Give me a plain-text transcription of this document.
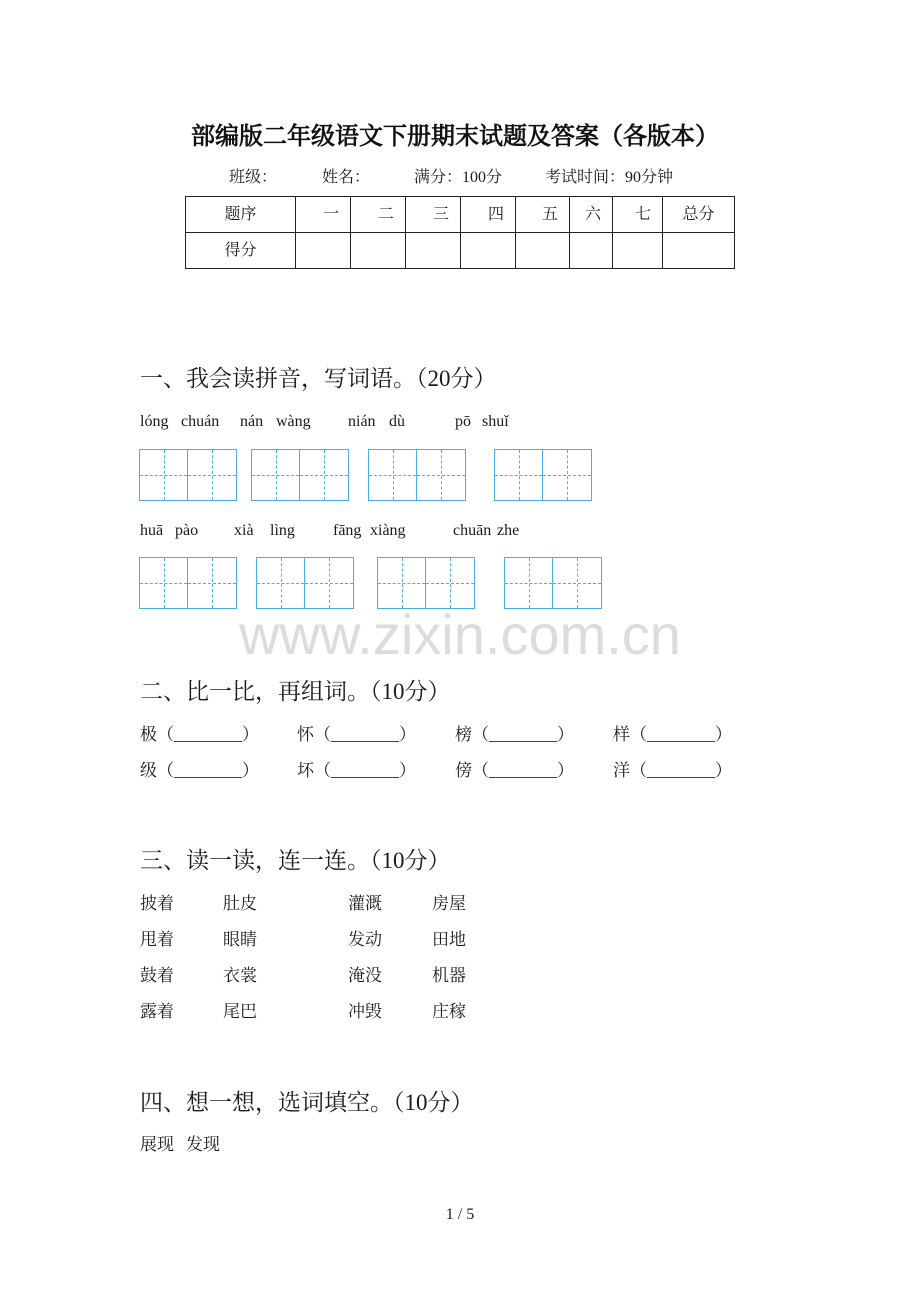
部编版二年级语文下册期末试题及答案（各版本）
班级：	姓名：	满分：100分	考试时间：90分钟
题序	一	二	三	四	五	六	七	总分
得分								
一、我会读拼音，写词语。（20分）
lóng chuán nán wàng nián dù	pō shuǐ
huā pào xià lìng fāng xiàng	chuān zhe
www.zixin.com.cn
二、比一比，再组词。（10分）
极（________） 怀（________） 榜（________） 样（________）
级（________） 坏（________） 傍（________） 洋（________）
三、读一读，连一连。（10分）
披着	肚皮	灌溉	房屋
甩着	眼睛	发动	田地
鼓着	衣裳	淹没	机器
露着	尾巴	冲毁	庄稼
四、想一想，选词填空。（10分）
展现 发现
1 / 5
